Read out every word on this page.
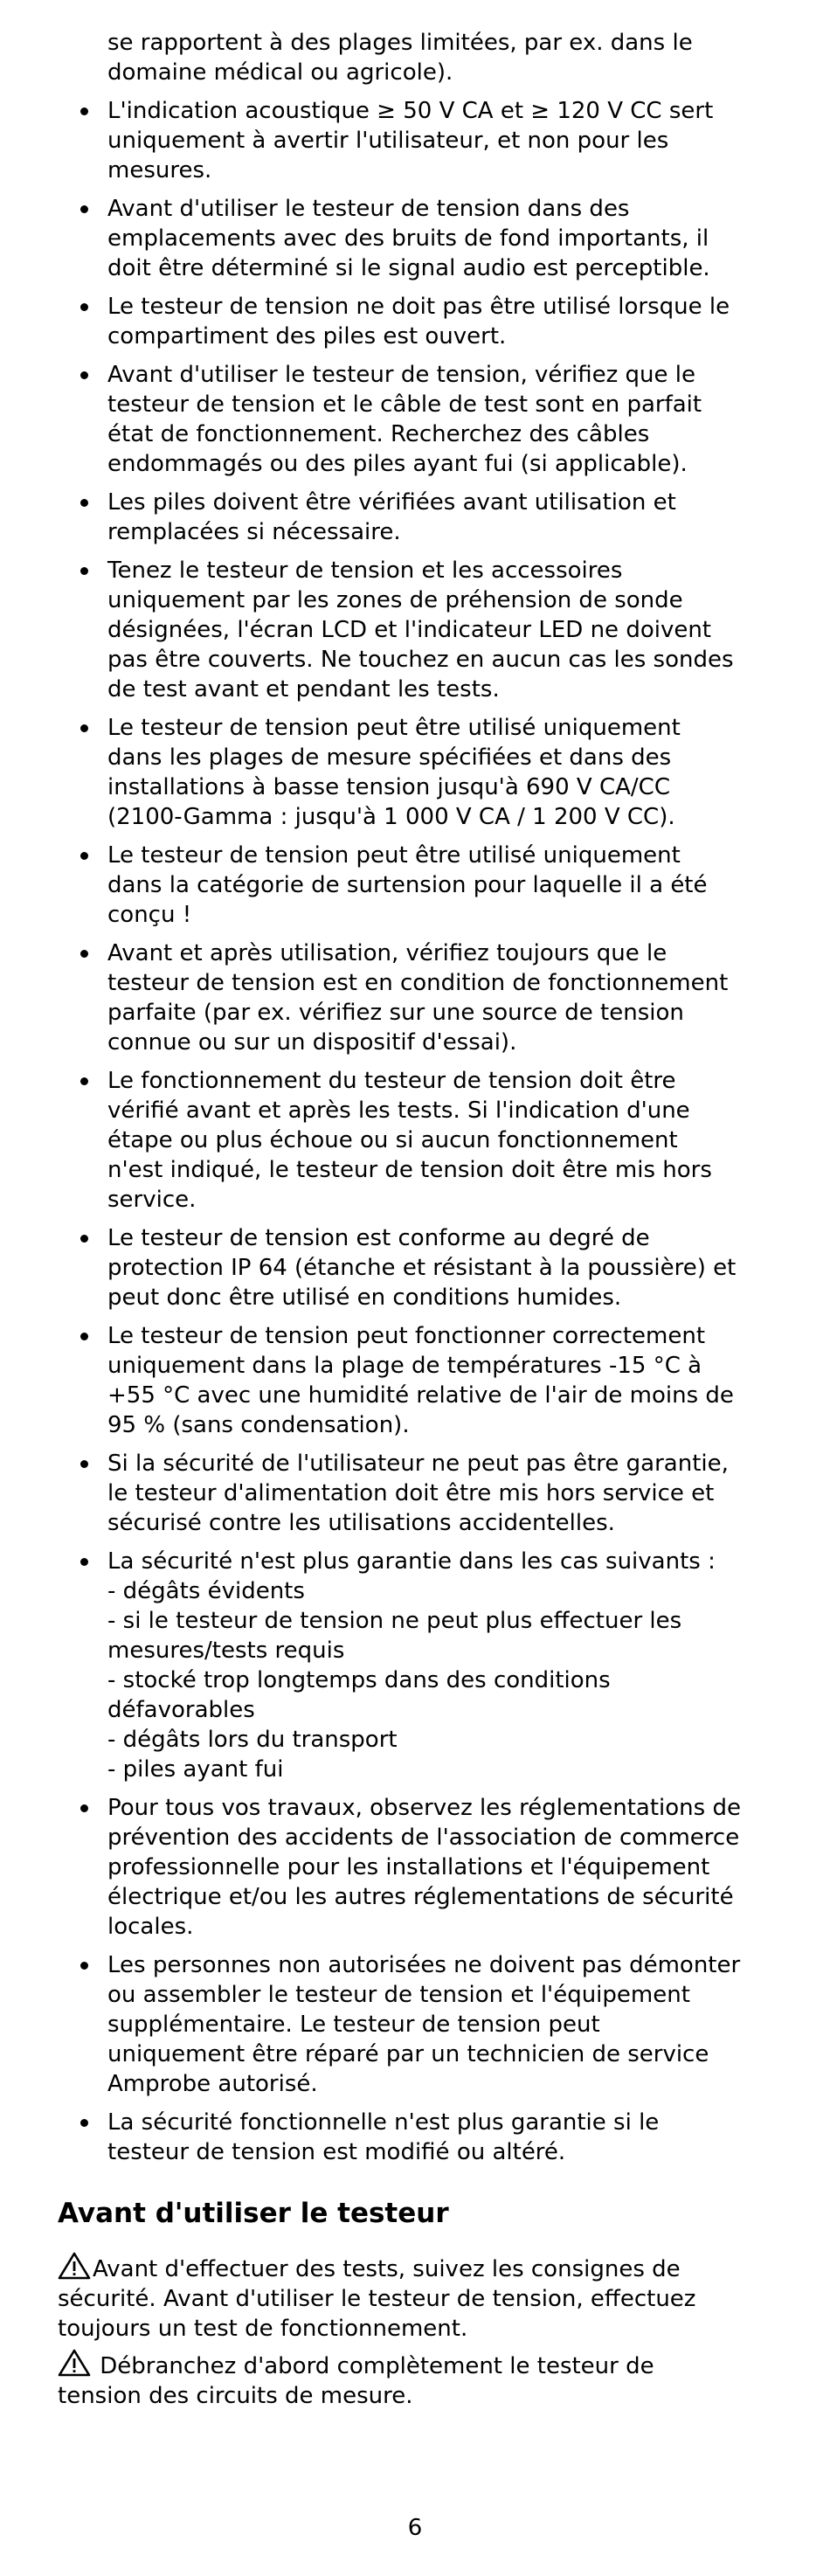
se rapportent à des plages limitées, par ex. dans le
domaine médical ou agricole).
L'indication acoustique ≥ 50 V CA et ≥ 120 V CC sert
uniquement à avertir l'utilisateur, et non pour les
mesures.
Avant d'utiliser le testeur de tension dans des
emplacements avec des bruits de fond importants, il
doit être déterminé si le signal audio est perceptible.
Le testeur de tension ne doit pas être utilisé lorsque le
compartiment des piles est ouvert.
Avant d'utiliser le testeur de tension, vérifiez que le
testeur de tension et le câble de test sont en parfait
état de fonctionnement. Recherchez des câbles
endommagés ou des piles ayant fui (si applicable).
Les piles doivent être vérifiées avant utilisation et
remplacées si nécessaire.
Tenez le testeur de tension et les accessoires
uniquement par les zones de préhension de sonde
désignées, l'écran LCD et l'indicateur LED ne doivent
pas être couverts. Ne touchez en aucun cas les sondes
de test avant et pendant les tests.
Le testeur de tension peut être utilisé uniquement
dans les plages de mesure spécifiées et dans des
installations à basse tension jusqu'à 690 V CA/CC
(2100-Gamma : jusqu'à 1 000 V CA / 1 200 V CC).
Le testeur de tension peut être utilisé uniquement
dans la catégorie de surtension pour laquelle il a été
conçu !
Avant et après utilisation, vérifiez toujours que le
testeur de tension est en condition de fonctionnement
parfaite (par ex. vérifiez sur une source de tension
connue ou sur un dispositif d'essai).
Le fonctionnement du testeur de tension doit être
vérifié avant et après les tests. Si l'indication d'une
étape ou plus échoue ou si aucun fonctionnement
n'est indiqué, le testeur de tension doit être mis hors
service.
Le testeur de tension est conforme au degré de
protection IP 64 (étanche et résistant à la poussière) et
peut donc être utilisé en conditions humides.
Le testeur de tension peut fonctionner correctement
uniquement dans la plage de températures -15 °C à
+55 °C avec une humidité relative de l'air de moins de
95 % (sans condensation).
Si la sécurité de l'utilisateur ne peut pas être garantie,
le testeur d'alimentation doit être mis hors service et
sécurisé contre les utilisations accidentelles.
La sécurité n'est plus garantie dans les cas suivants :
- dégâts évidents
- si le testeur de tension ne peut plus effectuer les
mesures/tests requis
- stocké trop longtemps dans des conditions
défavorables
- dégâts lors du transport
- piles ayant fui
Pour tous vos travaux, observez les réglementations de
prévention des accidents de l'association de commerce
professionnelle pour les installations et l'équipement
électrique et/ou les autres réglementations de sécurité
locales.
Les personnes non autorisées ne doivent pas démonter
ou assembler le testeur de tension et l'équipement
supplémentaire. Le testeur de tension peut
uniquement être réparé par un technicien de service
Amprobe autorisé.
La sécurité fonctionnelle n'est plus garantie si le
testeur de tension est modifié ou altéré.
Avant d'utiliser le testeur

Avant d'effectuer des tests, suivez les consignes de
sécurité. Avant d'utiliser le testeur de tension, effectuez
toujours un test de fonctionnement.

Débranchez d'abord complètement le testeur de
tension des circuits de mesure.

6
